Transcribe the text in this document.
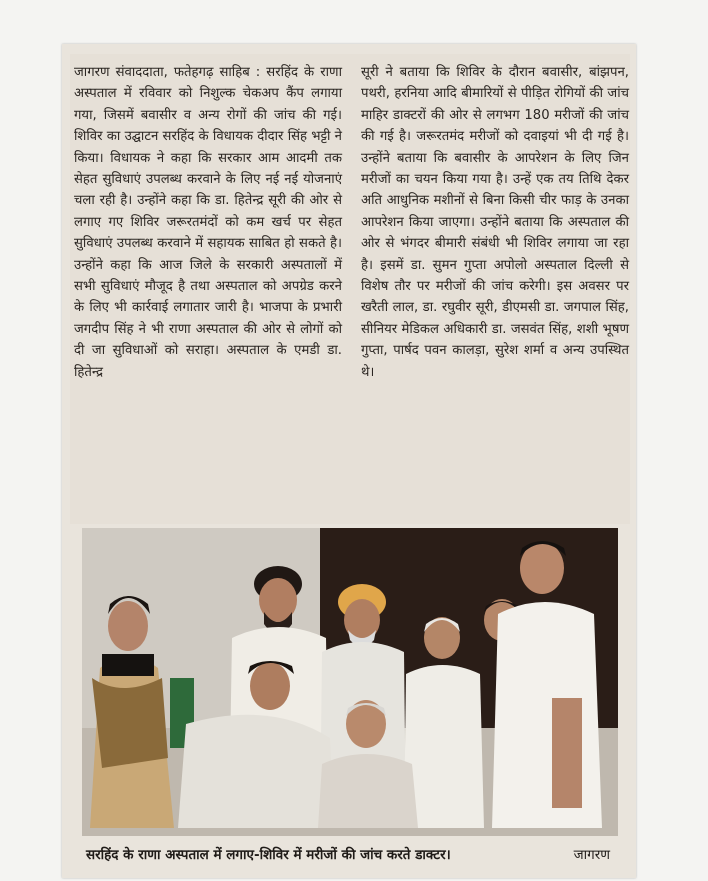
जागरण संवाददाता, फतेहगढ़ साहिब : सरहिंद के राणा अस्पताल में रविवार को निशुल्क चेकअप कैंप लगाया गया, जिसमें बवासीर व अन्य रोगों की जांच की गई। शिविर का उद्घाटन सरहिंद के विधायक दीदार सिंह भट्टी ने किया। विधायक ने कहा कि सरकार आम आदमी तक सेहत सुविधाएं उपलब्ध करवाने के लिए नई नई योजनाएं चला रही है। उन्होंने कहा कि डा. हितेन्द्र सूरी की ओर से लगाए गए शिविर जरूरतमंदों को कम खर्च पर सेहत सुविधाएं उपलब्ध करवाने में सहायक साबित हो सकते है। उन्होंने कहा कि आज जिले के सरकारी अस्पतालों में सभी सुविधाएं मौजूद है तथा अस्पताल को अपग्रेड करने के लिए भी कार्रवाई लगातार जारी है। भाजपा के प्रभारी जगदीप सिंह ने भी राणा अस्पताल की ओर से लोगों को दी जा सुविधाओं को सराहा। अस्पताल के एमडी डा. हितेन्द्र

सूरी ने बताया कि शिविर के दौरान बवासीर, बांझपन, पथरी, हरनिया आदि बीमारियों से पीड़ित रोगियों की जांच माहिर डाक्टरों की ओर से लगभग 180 मरीजों की जांच की गई है। जरूरतमंद मरीजों को दवाइयां भी दी गई है। उन्होंने बताया कि बवासीर के आपरेशन के लिए जिन मरीजों का चयन किया गया है। उन्हें एक तय तिथि देकर अति आधुनिक मशीनों से बिना किसी चीर फाड़ के उनका आपरेशन किया जाएगा। उन्होंने बताया कि अस्पताल की ओर से भंगदर बीमारी संबंधी भी शिविर लगाया जा रहा है। इसमें डा. सुमन गुप्ता अपोलो अस्पताल दिल्ली से विशेष तौर पर मरीजों की जांच करेगी। इस अवसर पर खरैती लाल, डा. रघुवीर सूरी, डीएमसी डा. जगपाल सिंह, सीनियर मेडिकल अधिकारी डा. जसवंत सिंह, शशी भूषण गुप्ता, पार्षद पवन कालड़ा, सुरेश शर्मा व अन्य उपस्थित थे।

सरहिंद के राणा अस्पताल में लगाए-शिविर में मरीजों की जांच करते डाक्टर।	जागरण
